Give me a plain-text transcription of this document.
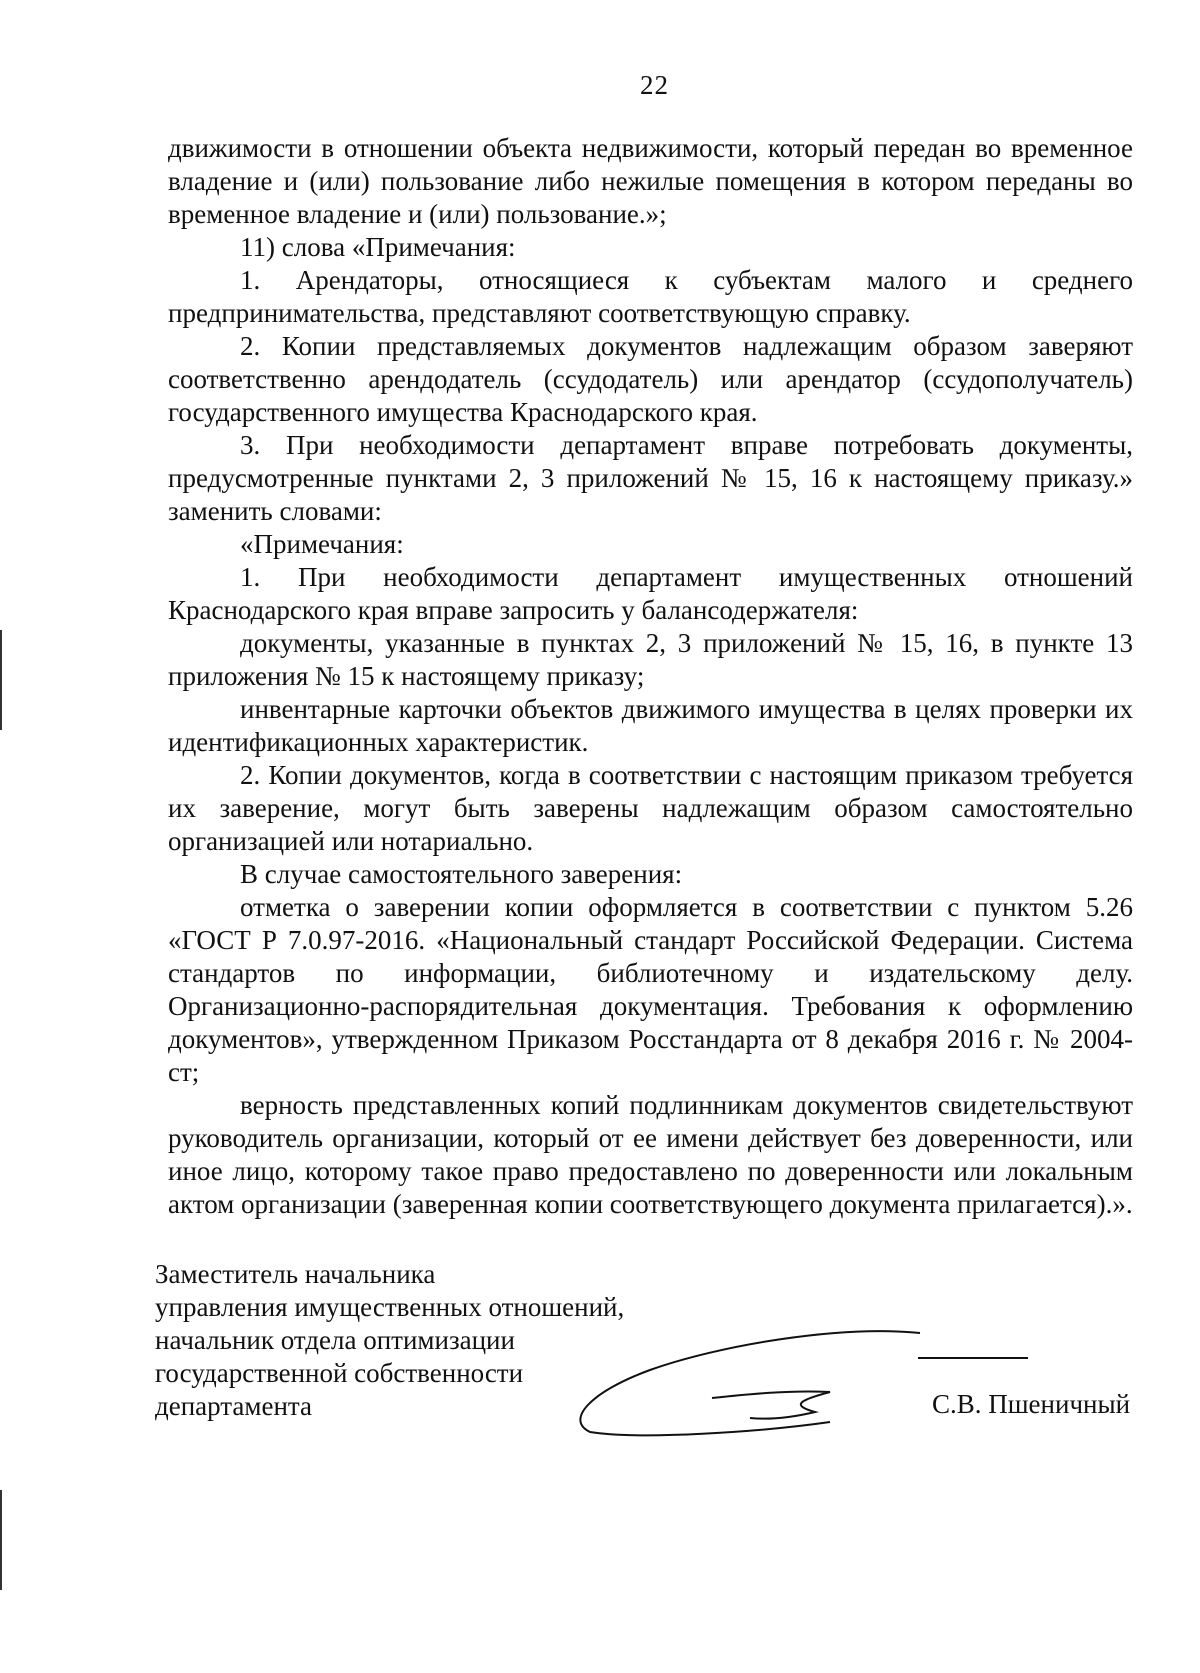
22

движимости в отношении объекта недвижимости, который передан во временное владение и (или) пользование либо нежилые помещения в котором переданы во временное владение и (или) пользование.»;

11) слова «Примечания:

1. Арендаторы, относящиеся к субъектам малого и среднего предпринимательства, представляют соответствующую справку.

2. Копии представляемых документов надлежащим образом заверяют соответственно арендодатель (ссудодатель) или арендатор (ссудополучатель) государственного имущества Краснодарского края.

3. При необходимости департамент вправе потребовать документы, предусмотренные пунктами 2, 3 приложений № 15, 16 к настоящему приказу.» заменить словами:

«Примечания:

1. При необходимости департамент имущественных отношений Краснодарского края вправе запросить у балансодержателя:

документы, указанные в пунктах 2, 3 приложений № 15, 16, в пункте 13 приложения № 15 к настоящему приказу;

инвентарные карточки объектов движимого имущества в целях проверки их идентификационных характеристик.

2. Копии документов, когда в соответствии с настоящим приказом требуется их заверение, могут быть заверены надлежащим образом самостоятельно организацией или нотариально.

В случае самостоятельного заверения:

отметка о заверении копии оформляется в соответствии с пунктом 5.26 «ГОСТ Р 7.0.97-2016. «Национальный стандарт Российской Федерации. Система стандартов по информации, библиотечному и издательскому делу. Организационно-распорядительная документация. Требования к оформлению документов», утвержденном Приказом Росстандарта от 8 декабря 2016 г. № 2004-ст;

верность представленных копий подлинникам документов свидетельствуют руководитель организации, который от ее имени действует без доверенности, или иное лицо, которому такое право предоставлено по доверенности или локальным актом организации (заверенная копии соответствующего документа прилагается).».

Заместитель начальника
управления имущественных отношений,
начальник отдела оптимизации
государственной собственности
департамента	С.В. Пшеничный
